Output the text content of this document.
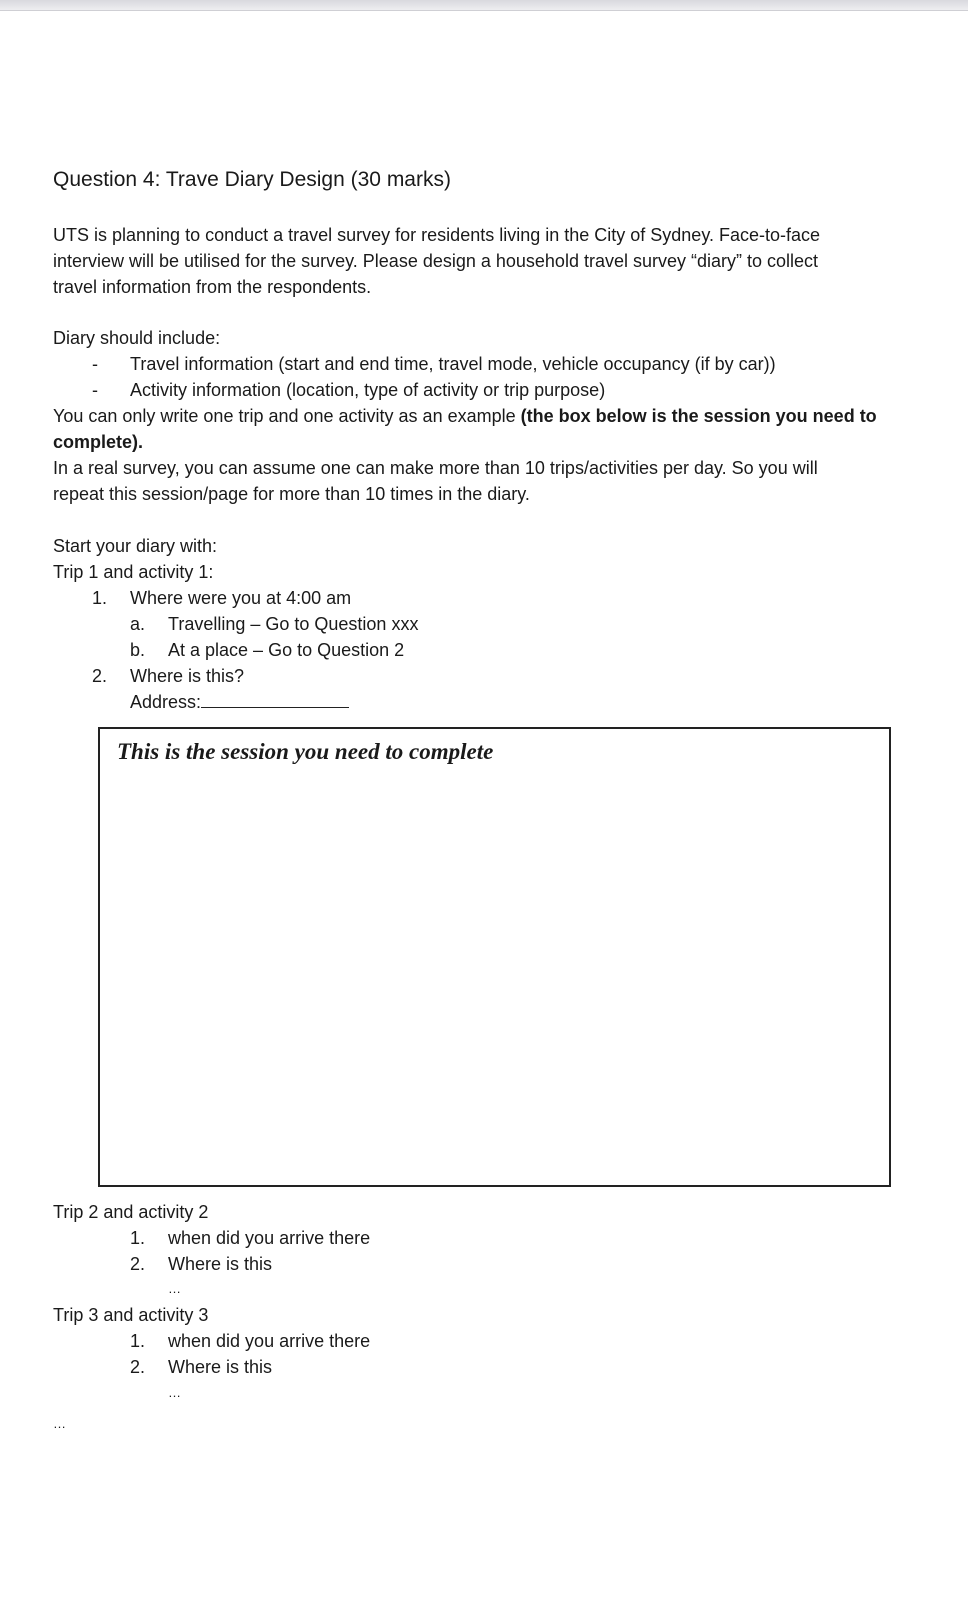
Question 4: Trave Diary Design (30 marks)
UTS is planning to conduct a travel survey for residents living in the City of Sydney. Face-to-face
interview will be utilised for the survey. Please design a household travel survey “diary” to collect
travel information from the respondents.
Diary should include:
- Travel information (start and end time, travel mode, vehicle occupancy (if by car))
- Activity information (location, type of activity or trip purpose)
You can only write one trip and one activity as an example (the box below is the session you need to
complete).
In a real survey, you can assume one can make more than 10 trips/activities per day. So you will
repeat this session/page for more than 10 times in the diary.
Start your diary with:
Trip 1 and activity 1:
1. Where were you at 4:00 am
a. Travelling – Go to Question xxx
b. At a place – Go to Question 2
2. Where is this?
Address:
This is the session you need to complete
Trip 2 and activity 2
1. when did you arrive there
2. Where is this
…
Trip 3 and activity 3
1. when did you arrive there
2. Where is this
…
…
